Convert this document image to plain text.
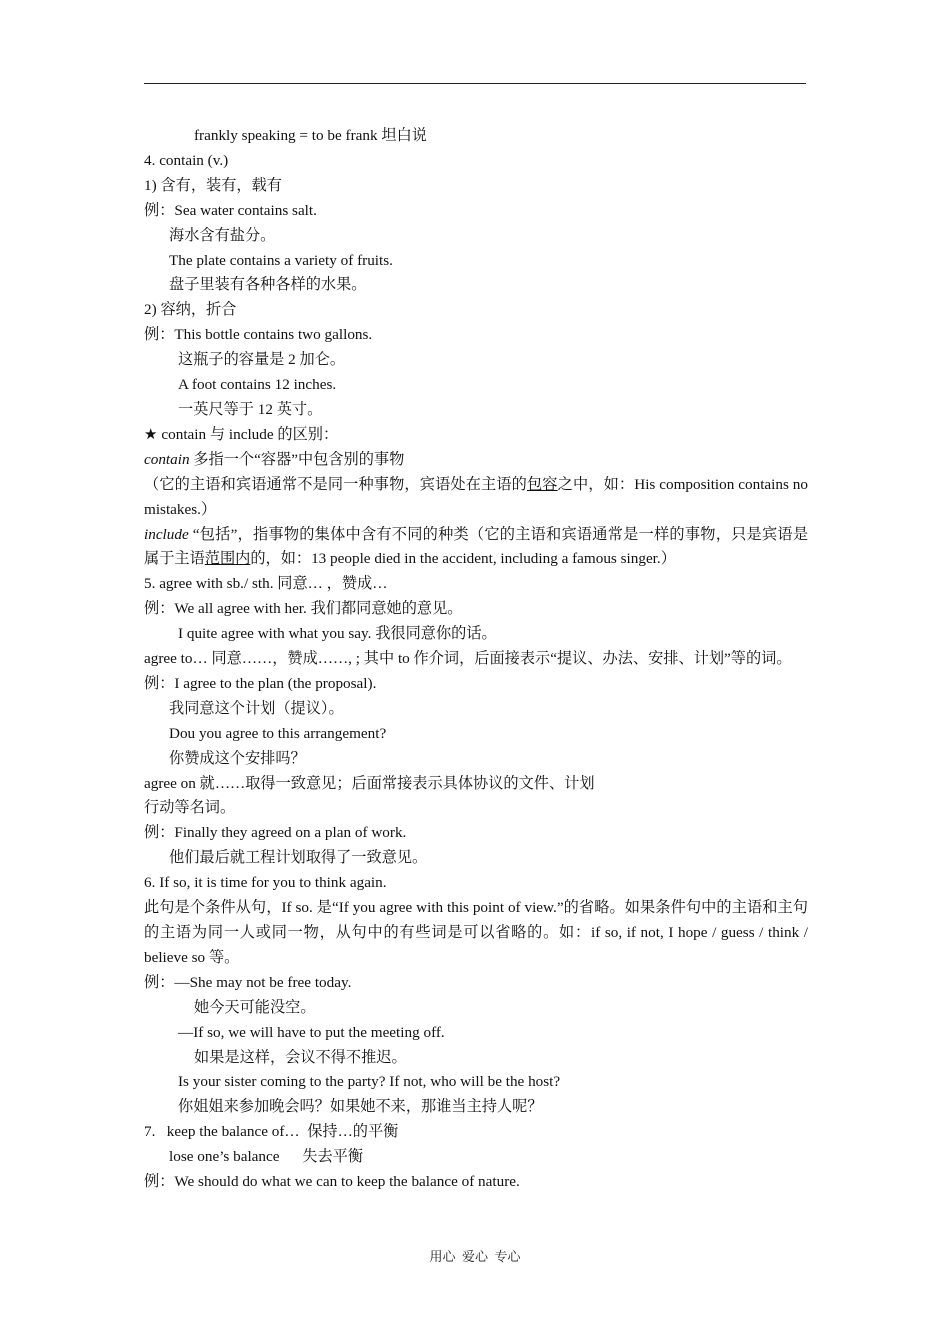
frankly speaking = to be frank 坦白说
4. contain (v.)
1) 含有，装有，载有
例：Sea water contains salt.
海水含有盐分。
The plate contains a variety of fruits.
盘子里装有各种各样的水果。
2) 容纳，折合
例：This bottle contains two gallons.
这瓶子的容量是 2 加仑。
A foot contains 12 inches.
一英尺等于 12 英寸。
★ contain 与 include 的区别：
contain 多指一个“容器”中包含别的事物
（它的主语和宾语通常不是同一种事物，宾语处在主语的包容之中，如：His composition contains no mistakes.）
include “包括”，指事物的集体中含有不同的种类（它的主语和宾语通常是一样的事物，只是宾语是属于主语范围内的，如：13 people died in the accident, including a famous singer.）
5. agree with sb./ sth. 同意… ，赞成…
例：We all agree with her. 我们都同意她的意见。
I quite agree with what you say. 我很同意你的话。
agree to… 同意……，赞成……, ; 其中 to 作介词，后面接表示“提议、办法、安排、计划”等的词。
例：I agree to the plan (the proposal).
我同意这个计划（提议）。
Dou you agree to this arrangement?
你赞成这个安排吗？
agree on 就……取得一致意见；后面常接表示具体协议的文件、计划
行动等名词。
例：Finally they agreed on a plan of work.
他们最后就工程计划取得了一致意见。
6. If so, it is time for you to think again.
此句是个条件从句，If so. 是“If you agree with this point of view.”的省略。如果条件句中的主语和主句的主语为同一人或同一物，从句中的有些词是可以省略的。如：if so, if not, I hope / guess / think / believe so 等。
例：—She may not be free today.
她今天可能没空。
—If so, we will have to put the meeting off.
如果是这样，会议不得不推迟。
Is your sister coming to the party? If not, who will be the host?
你姐姐来参加晚会吗？如果她不来，那谁当主持人呢？
7.   keep the balance of…  保持…的平衡
lose one’s balance      失去平衡
例：We should do what we can to keep the balance of nature.
用心  爱心  专心
